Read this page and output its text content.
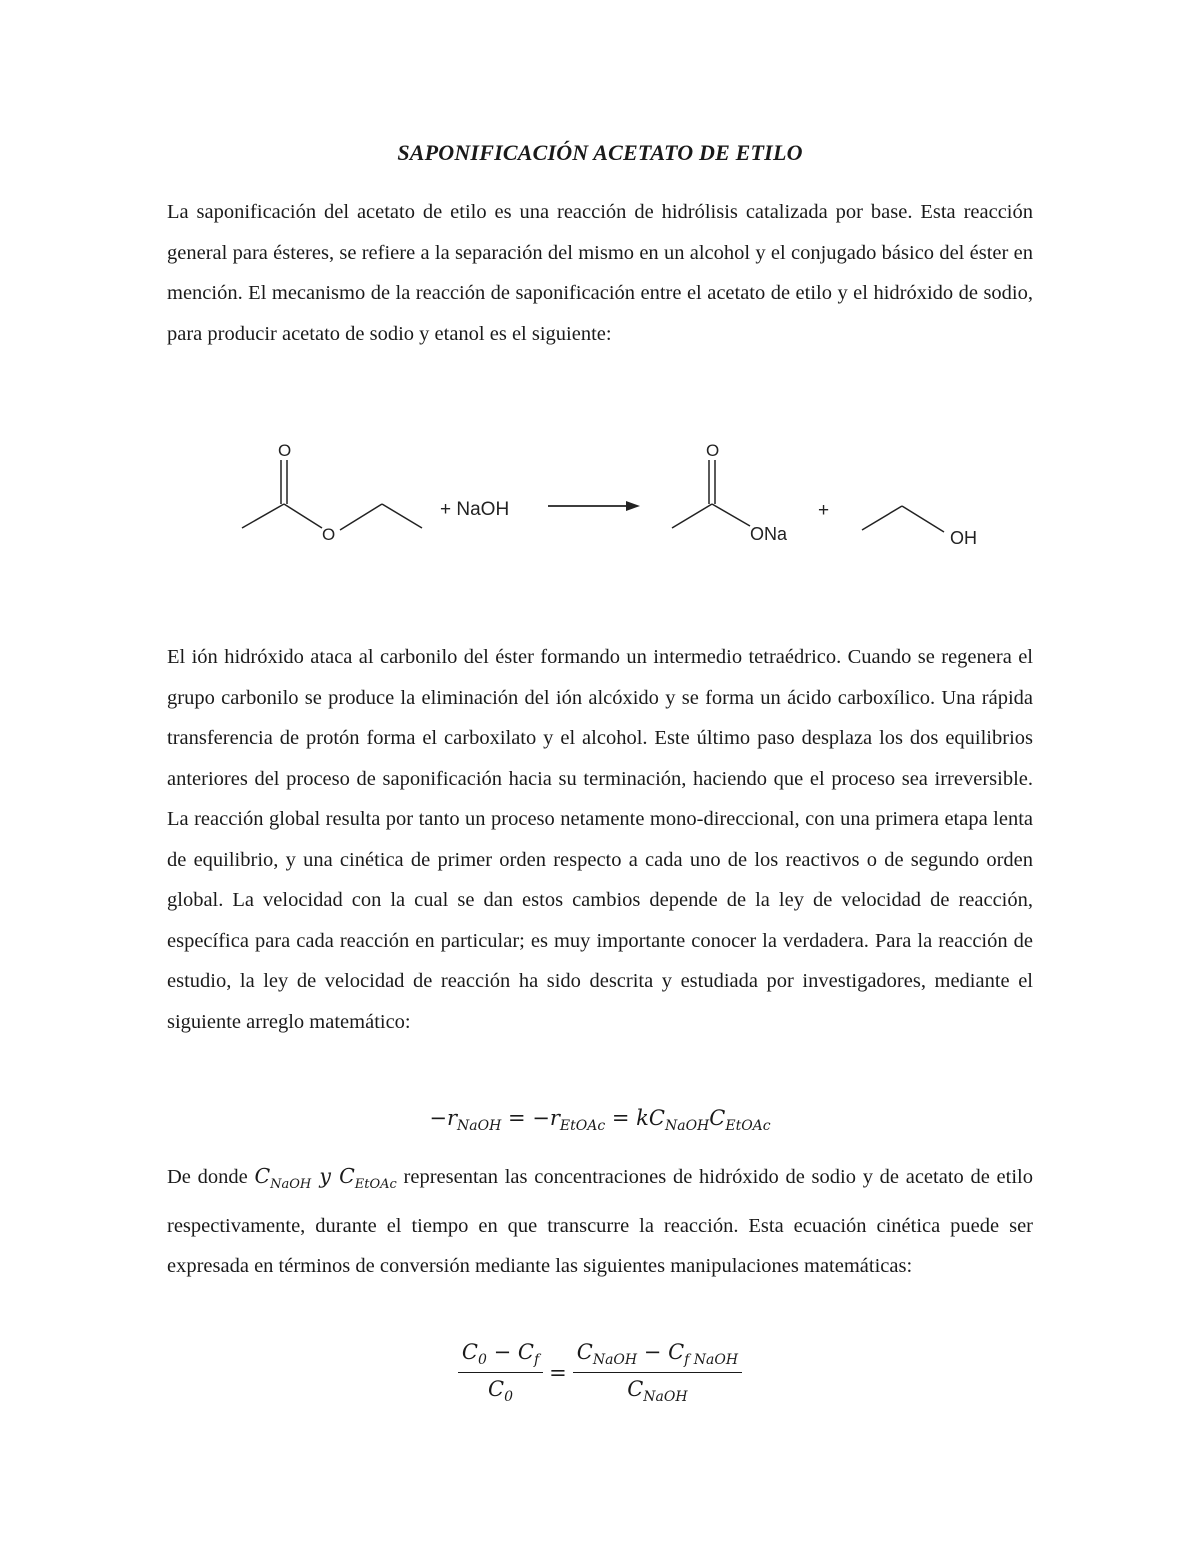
SAPONIFICACIÓN ACETATO DE ETILO

La saponificación del acetato de etilo es una reacción de hidrólisis catalizada por base. Esta reacción general para ésteres, se refiere a la separación del mismo en un alcohol y el conjugado básico del éster en mención. El mecanismo de la reacción de saponificación entre el acetato de etilo y el hidróxido de sodio, para producir acetato de sodio y etanol es el siguiente:

O
O
+ NaOH
O
ONa
+
OH

El ión hidróxido ataca al carbonilo del éster formando un intermedio tetraédrico. Cuando se regenera el grupo carbonilo se produce la eliminación del ión alcóxido y se forma un ácido carboxílico. Una rápida transferencia de protón forma el carboxilato y el alcohol. Este último paso desplaza los dos equilibrios anteriores del proceso de saponificación hacia su terminación, haciendo que el proceso sea irreversible. La reacción global resulta por tanto un proceso netamente mono-direccional, con una primera etapa lenta de equilibrio, y una cinética de primer orden respecto a cada uno de los reactivos o de segundo orden global. La velocidad con la cual se dan estos cambios depende de la ley de velocidad de reacción, específica para cada reacción en particular; es muy importante conocer la verdadera. Para la reacción de estudio, la ley de velocidad de reacción ha sido descrita y estudiada por investigadores, mediante el siguiente arreglo matemático:

$-r_{NaOH} = -r_{EtOAc} = kC_{NaOH}C_{EtOAc}$

De donde $C_{NaOH}$ y $C_{EtOAc}$ representan las concentraciones de hidróxido de sodio y de acetato de etilo respectivamente, durante el tiempo en que transcurre la reacción. Esta ecuación cinética puede ser expresada en términos de conversión mediante las siguientes manipulaciones matemáticas:

$\frac{C_0 - C_f}{C_0} = \frac{C_{NaOH} - C_{f NaOH}}{C_{NaOH}}$
